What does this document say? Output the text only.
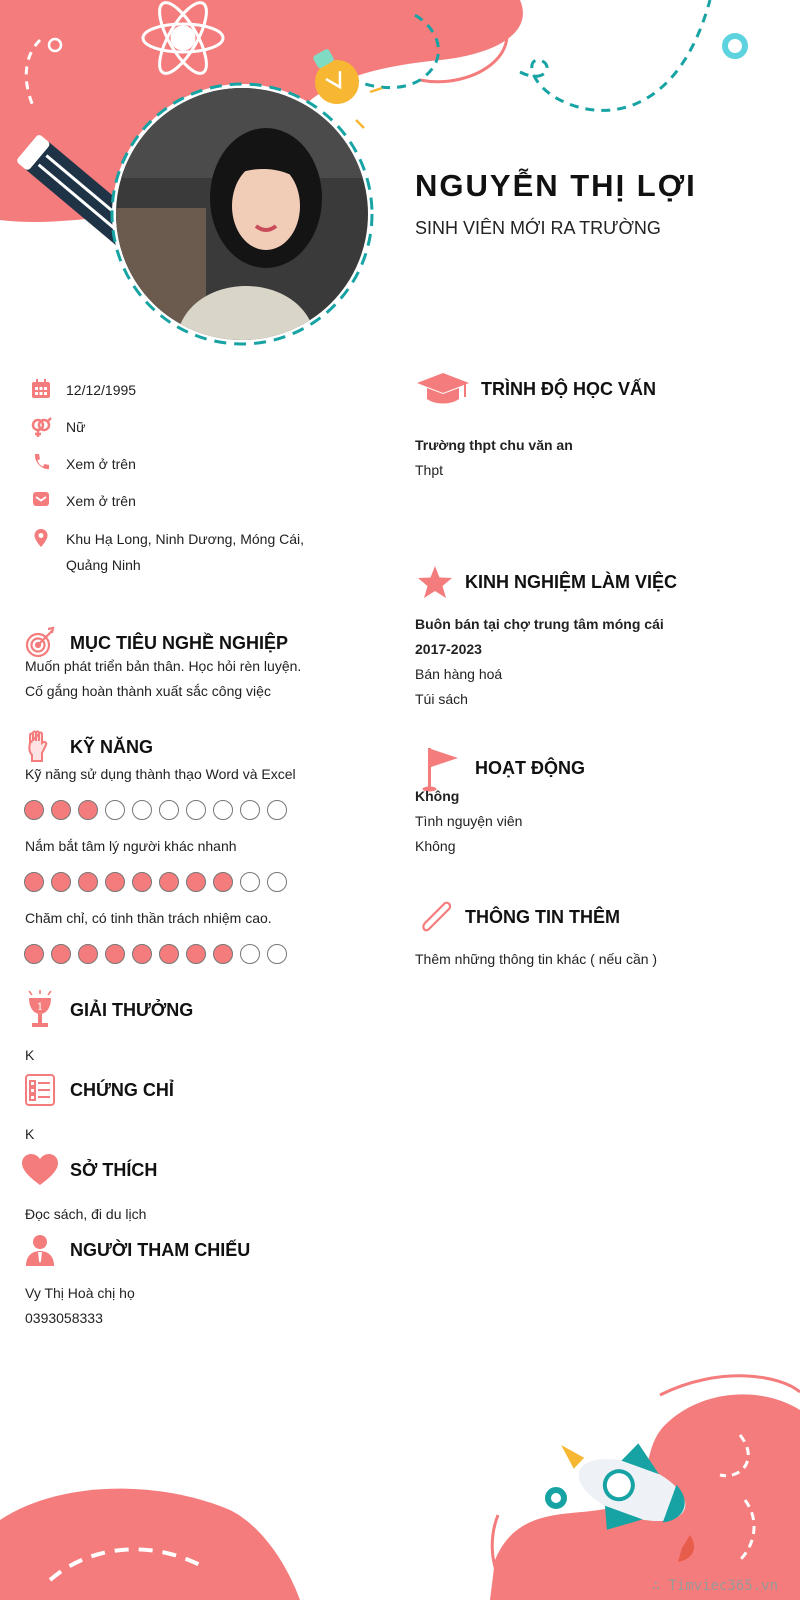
NGUYỄN THỊ LỢI
SINH VIÊN MỚI RA TRƯỜNG
12/12/1995
Nữ
Xem ở trên
Xem ở trên
Khu Hạ Long, Ninh Dương, Móng Cái,
Quảng Ninh
MỤC TIÊU NGHỀ NGHIỆP
Muốn phát triển bản thân. Học hỏi rèn luyện.
Cố gắng hoàn thành xuất sắc công việc
KỸ NĂNG
Kỹ năng sử dụng thành thạo Word và Excel
Nắm bắt tâm lý người khác nhanh
Chăm chỉ, có tinh thần trách nhiệm cao.
1 GIẢI THƯỞNG
K
CHỨNG CHỈ
K
SỞ THÍCH
Đọc sách, đi du lịch
NGƯỜI THAM CHIẾU
Vy Thị Hoà chị họ
0393058333
TRÌNH ĐỘ HỌC VẤN
Trường thpt chu văn an
Thpt
KINH NGHIỆM LÀM VIỆC
Buôn bán tại chợ trung tâm móng cái
2017-2023
Bán hàng hoá
Túi sách
HOẠT ĐỘNG
Không
Tình nguyện viên
Không
THÔNG TIN THÊM
Thêm những thông tin khác ( nếu cần )
∴ Timviec365.vn
